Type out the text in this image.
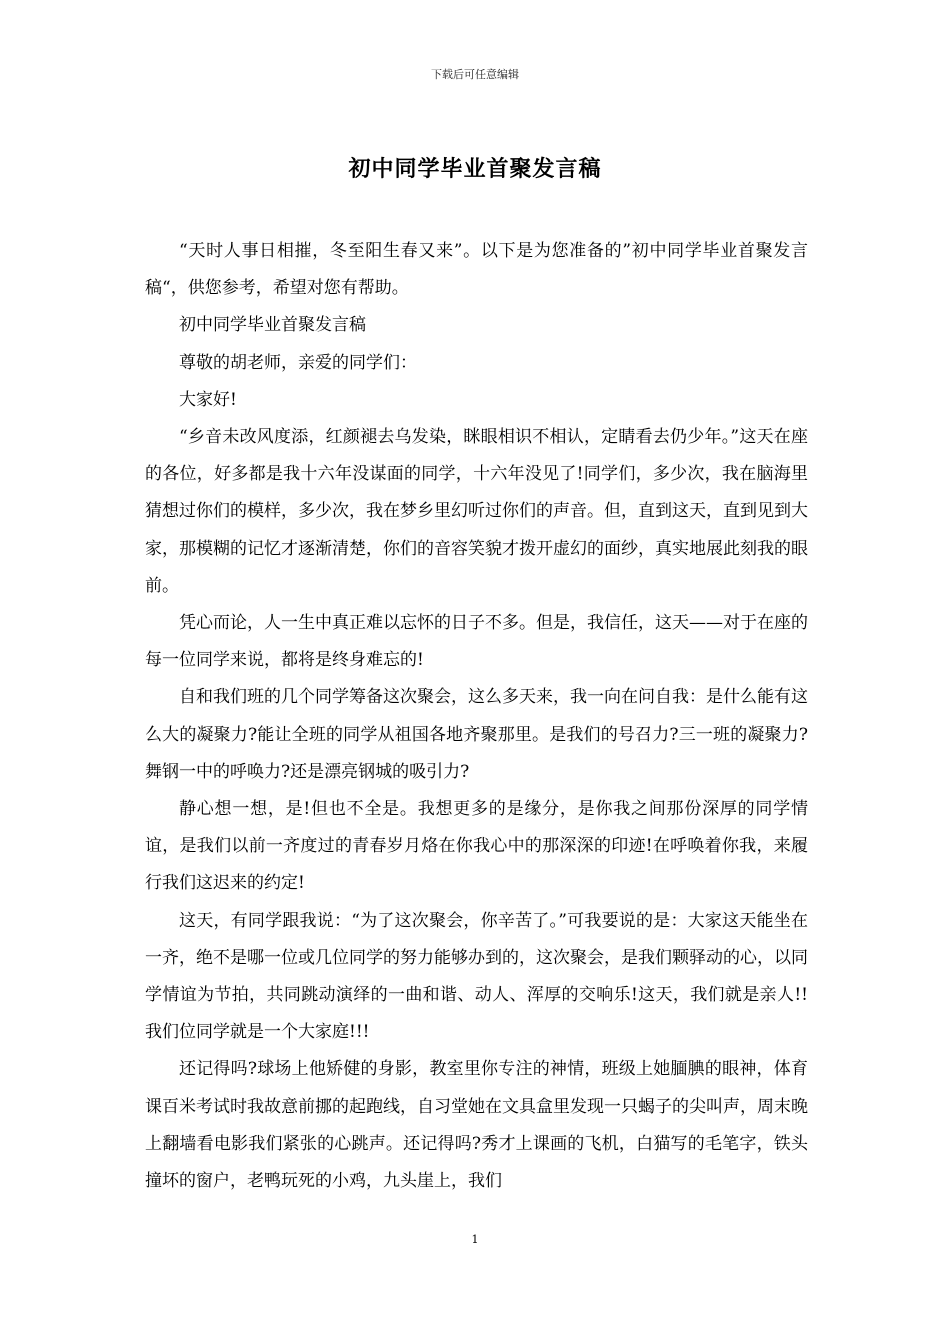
下载后可任意编辑
初中同学毕业首聚发言稿

“天时人事日相摧，冬至阳生春又来”。以下是为您准备的”初中同学毕业首聚发言稿“，供您参考，希望对您有帮助。

初中同学毕业首聚发言稿

尊敬的胡老师，亲爱的同学们：

大家好!

“乡音未改风度添，红颜褪去乌发染，眯眼相识不相认，定睛看去仍少年。”这天在座的各位，好多都是我十六年没谋面的同学，十六年没见了!同学们，多少次，我在脑海里猜想过你们的模样，多少次，我在梦乡里幻听过你们的声音。但，直到这天，直到见到大家，那模糊的记忆才逐渐清楚，你们的音容笑貌才拨开虚幻的面纱，真实地展此刻我的眼前。

凭心而论，人一生中真正难以忘怀的日子不多。但是，我信任，这天——对于在座的每一位同学来说，都将是终身难忘的!

自和我们班的几个同学筹备这次聚会，这么多天来，我一向在问自我：是什么能有这么大的凝聚力?能让全班的同学从祖国各地齐聚那里。是我们的号召力?三一班的凝聚力?舞钢一中的呼唤力?还是漂亮钢城的吸引力?

静心想一想，是!但也不全是。我想更多的是缘分，是你我之间那份深厚的同学情谊，是我们以前一齐度过的青春岁月烙在你我心中的那深深的印迹!在呼唤着你我，来履行我们这迟来的约定!

这天，有同学跟我说：“为了这次聚会，你辛苦了。”可我要说的是：大家这天能坐在一齐，绝不是哪一位或几位同学的努力能够办到的，这次聚会，是我们颗驿动的心，以同学情谊为节拍，共同跳动演绎的一曲和谐、动人、浑厚的交响乐!这天，我们就是亲人!!我们位同学就是一个大家庭!!!

还记得吗?球场上他矫健的身影，教室里你专注的神情，班级上她腼腆的眼神，体育课百米考试时我故意前挪的起跑线，自习堂她在文具盒里发现一只蝎子的尖叫声，周末晚上翻墙看电影我们紧张的心跳声。还记得吗?秀才上课画的飞机，白猫写的毛笔字，铁头撞坏的窗户，老鸭玩死的小鸡，九头崖上，我们

1
